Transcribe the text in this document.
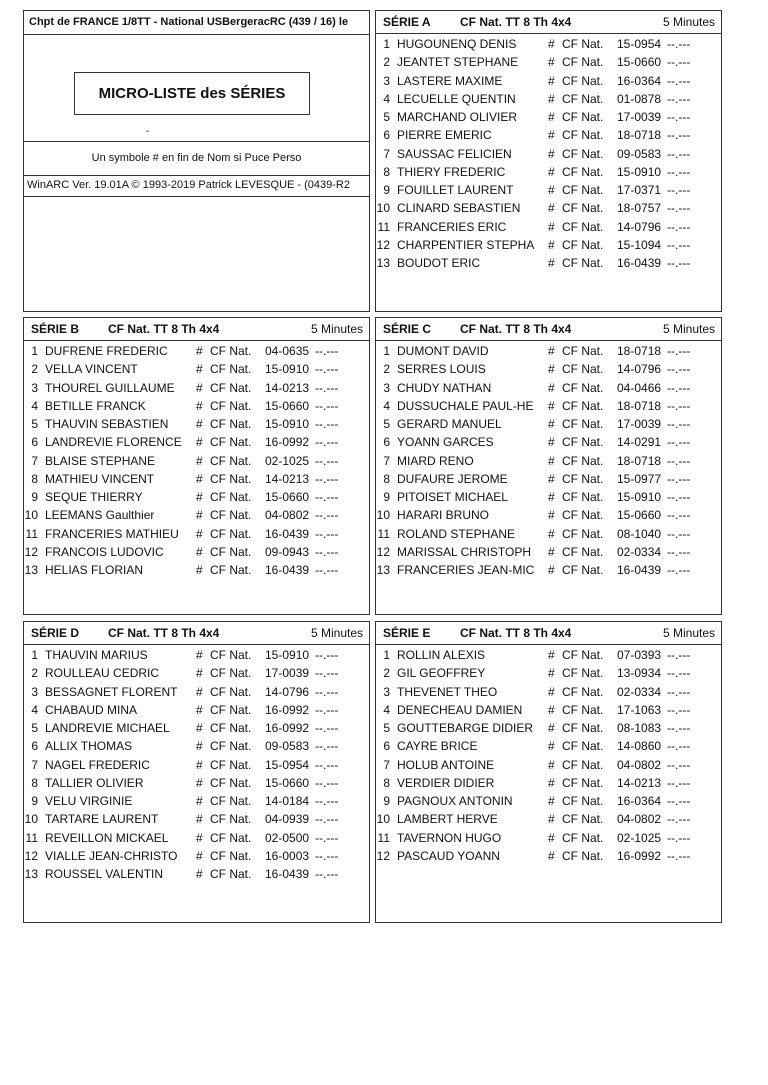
Chpt de FRANCE 1/8TT - National USBergeracRC (439 / 16) le
MICRO-LISTE des SÉRIES
-
Un symbole # en fin de Nom si Puce Perso
WinARC Ver. 19.01A © 1993-2019 Patrick LEVESQUE - (0439-R2
SÉRIE A CF Nat. TT 8 Th 4x4	5 Minutes
1 HUGOUNENQ DENIS	# CF Nat. 15-0954 --.---
2 JEANTET STEPHANE	# CF Nat. 15-0660 --.---
3 LASTERE MAXIME	# CF Nat. 16-0364 --.---
4 LECUELLE QUENTIN	# CF Nat. 01-0878 --.---
5 MARCHAND OLIVIER	# CF Nat. 17-0039 --.---
6 PIERRE EMERIC	# CF Nat. 18-0718 --.---
7 SAUSSAC FELICIEN	# CF Nat. 09-0583 --.---
8 THIERY FREDERIC	# CF Nat. 15-0910 --.---
9 FOUILLET LAURENT	# CF Nat. 17-0371 --.---
10 CLINARD SEBASTIEN	# CF Nat. 18-0757 --.---
11 FRANCERIES ERIC	# CF Nat. 14-0796 --.---
12 CHARPENTIER STEPHA	# CF Nat. 15-1094 --.---
13 BOUDOT ERIC	# CF Nat. 16-0439 --.---
SÉRIE B CF Nat. TT 8 Th 4x4	5 Minutes
1 DUFRENE FREDERIC	# CF Nat. 04-0635 --.---
2 VELLA VINCENT	# CF Nat. 15-0910 --.---
3 THOUREL GUILLAUME	# CF Nat. 14-0213 --.---
4 BETILLE FRANCK	# CF Nat. 15-0660 --.---
5 THAUVIN SEBASTIEN	# CF Nat. 15-0910 --.---
6 LANDREVIE FLORENCE	# CF Nat. 16-0992 --.---
7 BLAISE STEPHANE	# CF Nat. 02-1025 --.---
8 MATHIEU VINCENT	# CF Nat. 14-0213 --.---
9 SEQUE THIERRY	# CF Nat. 15-0660 --.---
10 LEEMANS Gaulthier	# CF Nat. 04-0802 --.---
11 FRANCERIES MATHIEU	# CF Nat. 16-0439 --.---
12 FRANCOIS LUDOVIC	# CF Nat. 09-0943 --.---
13 HELIAS FLORIAN	# CF Nat. 16-0439 --.---
SÉRIE C CF Nat. TT 8 Th 4x4	5 Minutes
1 DUMONT DAVID	# CF Nat. 18-0718 --.---
2 SERRES LOUIS	# CF Nat. 14-0796 --.---
3 CHUDY NATHAN	# CF Nat. 04-0466 --.---
4 DUSSUCHALE PAUL-HE	# CF Nat. 18-0718 --.---
5 GERARD MANUEL	# CF Nat. 17-0039 --.---
6 YOANN GARCES	# CF Nat. 14-0291 --.---
7 MIARD RENO	# CF Nat. 18-0718 --.---
8 DUFAURE JEROME	# CF Nat. 15-0977 --.---
9 PITOISET MICHAEL	# CF Nat. 15-0910 --.---
10 HARARI BRUNO	# CF Nat. 15-0660 --.---
11 ROLAND STEPHANE	# CF Nat. 08-1040 --.---
12 MARISSAL CHRISTOPH	# CF Nat. 02-0334 --.---
13 FRANCERIES JEAN-MIC	# CF Nat. 16-0439 --.---
SÉRIE D CF Nat. TT 8 Th 4x4	5 Minutes
1 THAUVIN MARIUS	# CF Nat. 15-0910 --.---
2 ROULLEAU CEDRIC	# CF Nat. 17-0039 --.---
3 BESSAGNET FLORENT	# CF Nat. 14-0796 --.---
4 CHABAUD MINA	# CF Nat. 16-0992 --.---
5 LANDREVIE MICHAEL	# CF Nat. 16-0992 --.---
6 ALLIX THOMAS	# CF Nat. 09-0583 --.---
7 NAGEL FREDERIC	# CF Nat. 15-0954 --.---
8 TALLIER OLIVIER	# CF Nat. 15-0660 --.---
9 VELU VIRGINIE	# CF Nat. 14-0184 --.---
10 TARTARE LAURENT	# CF Nat. 04-0939 --.---
11 REVEILLON MICKAEL	# CF Nat. 02-0500 --.---
12 VIALLE JEAN-CHRISTO	# CF Nat. 16-0003 --.---
13 ROUSSEL VALENTIN	# CF Nat. 16-0439 --.---
SÉRIE E CF Nat. TT 8 Th 4x4	5 Minutes
1 ROLLIN ALEXIS	# CF Nat. 07-0393 --.---
2 GIL GEOFFREY	# CF Nat. 13-0934 --.---
3 THEVENET THEO	# CF Nat. 02-0334 --.---
4 DENECHEAU DAMIEN	# CF Nat. 17-1063 --.---
5 GOUTTEBARGE DIDIER	# CF Nat. 08-1083 --.---
6 CAYRE BRICE	# CF Nat. 14-0860 --.---
7 HOLUB ANTOINE	# CF Nat. 04-0802 --.---
8 VERDIER DIDIER	# CF Nat. 14-0213 --.---
9 PAGNOUX ANTONIN	# CF Nat. 16-0364 --.---
10 LAMBERT HERVE	# CF Nat. 04-0802 --.---
11 TAVERNON HUGO	# CF Nat. 02-1025 --.---
12 PASCAUD YOANN	# CF Nat. 16-0992 --.---
